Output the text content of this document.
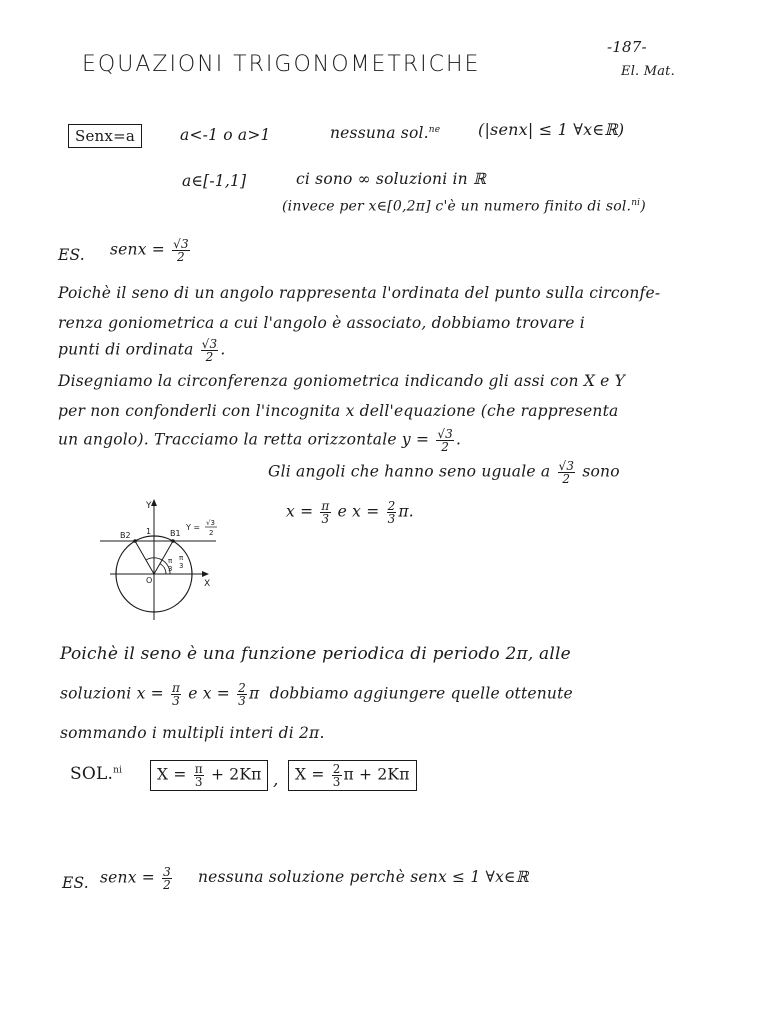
EQUAZIONI TRIGONOMETRICHE
-187-
El. Mat.
Senx=a	a<-1 o a>1	nessuna sol.$^{ne}$ (|senx| ≤ 1 ∀x∈ℝ)
a∈[-1,1]	ci sono ∞ soluzioni in ℝ
(invece per x∈[0,2π] c'è un numero finito di sol.$^{ni}$)
ES. senx = $\frac{√3}{2}$
Poichè il seno di un angolo rappresenta l'ordinata del punto sulla circonfe-
renza goniometrica a cui l'angolo è associato, dobbiamo trovare i
punti di ordinata $\frac{√3}{2}$ .
Disegniamo la circonferenza goniometrica indicando gli assi con X e Y
per non confonderli con l'incognita x dell'equazione (che rappresenta
un angolo). Tracciamo la retta orizzontale $y = \frac{√3}{2}$ .
Gli angoli che hanno seno uguale a $\frac{√3}{2}$ sono
$x = \frac{\pi}{3}$ e $x = \frac{2}{3} \pi$.
Y
X
O
1 B1
B2
Y = √3
2
π
3
π
3
Poichè il seno è una funzione periodica di periodo 2π, alle
soluzioni $x = \frac{\pi}{3}$ e $x = \frac{2}{3}$ π dobbiamo aggiungere quelle ottenute
sommando i multipli interi di 2π.
SOL.$^{ni}$	$X = \frac{\pi}{3} + 2K\pi$ ,	$X = \frac{2}{3}$ π + 2Kπ
ES. senx = $\frac{3}{2}$ nessuna soluzione perchè senx ≤ 1 ∀x∈ℝ
